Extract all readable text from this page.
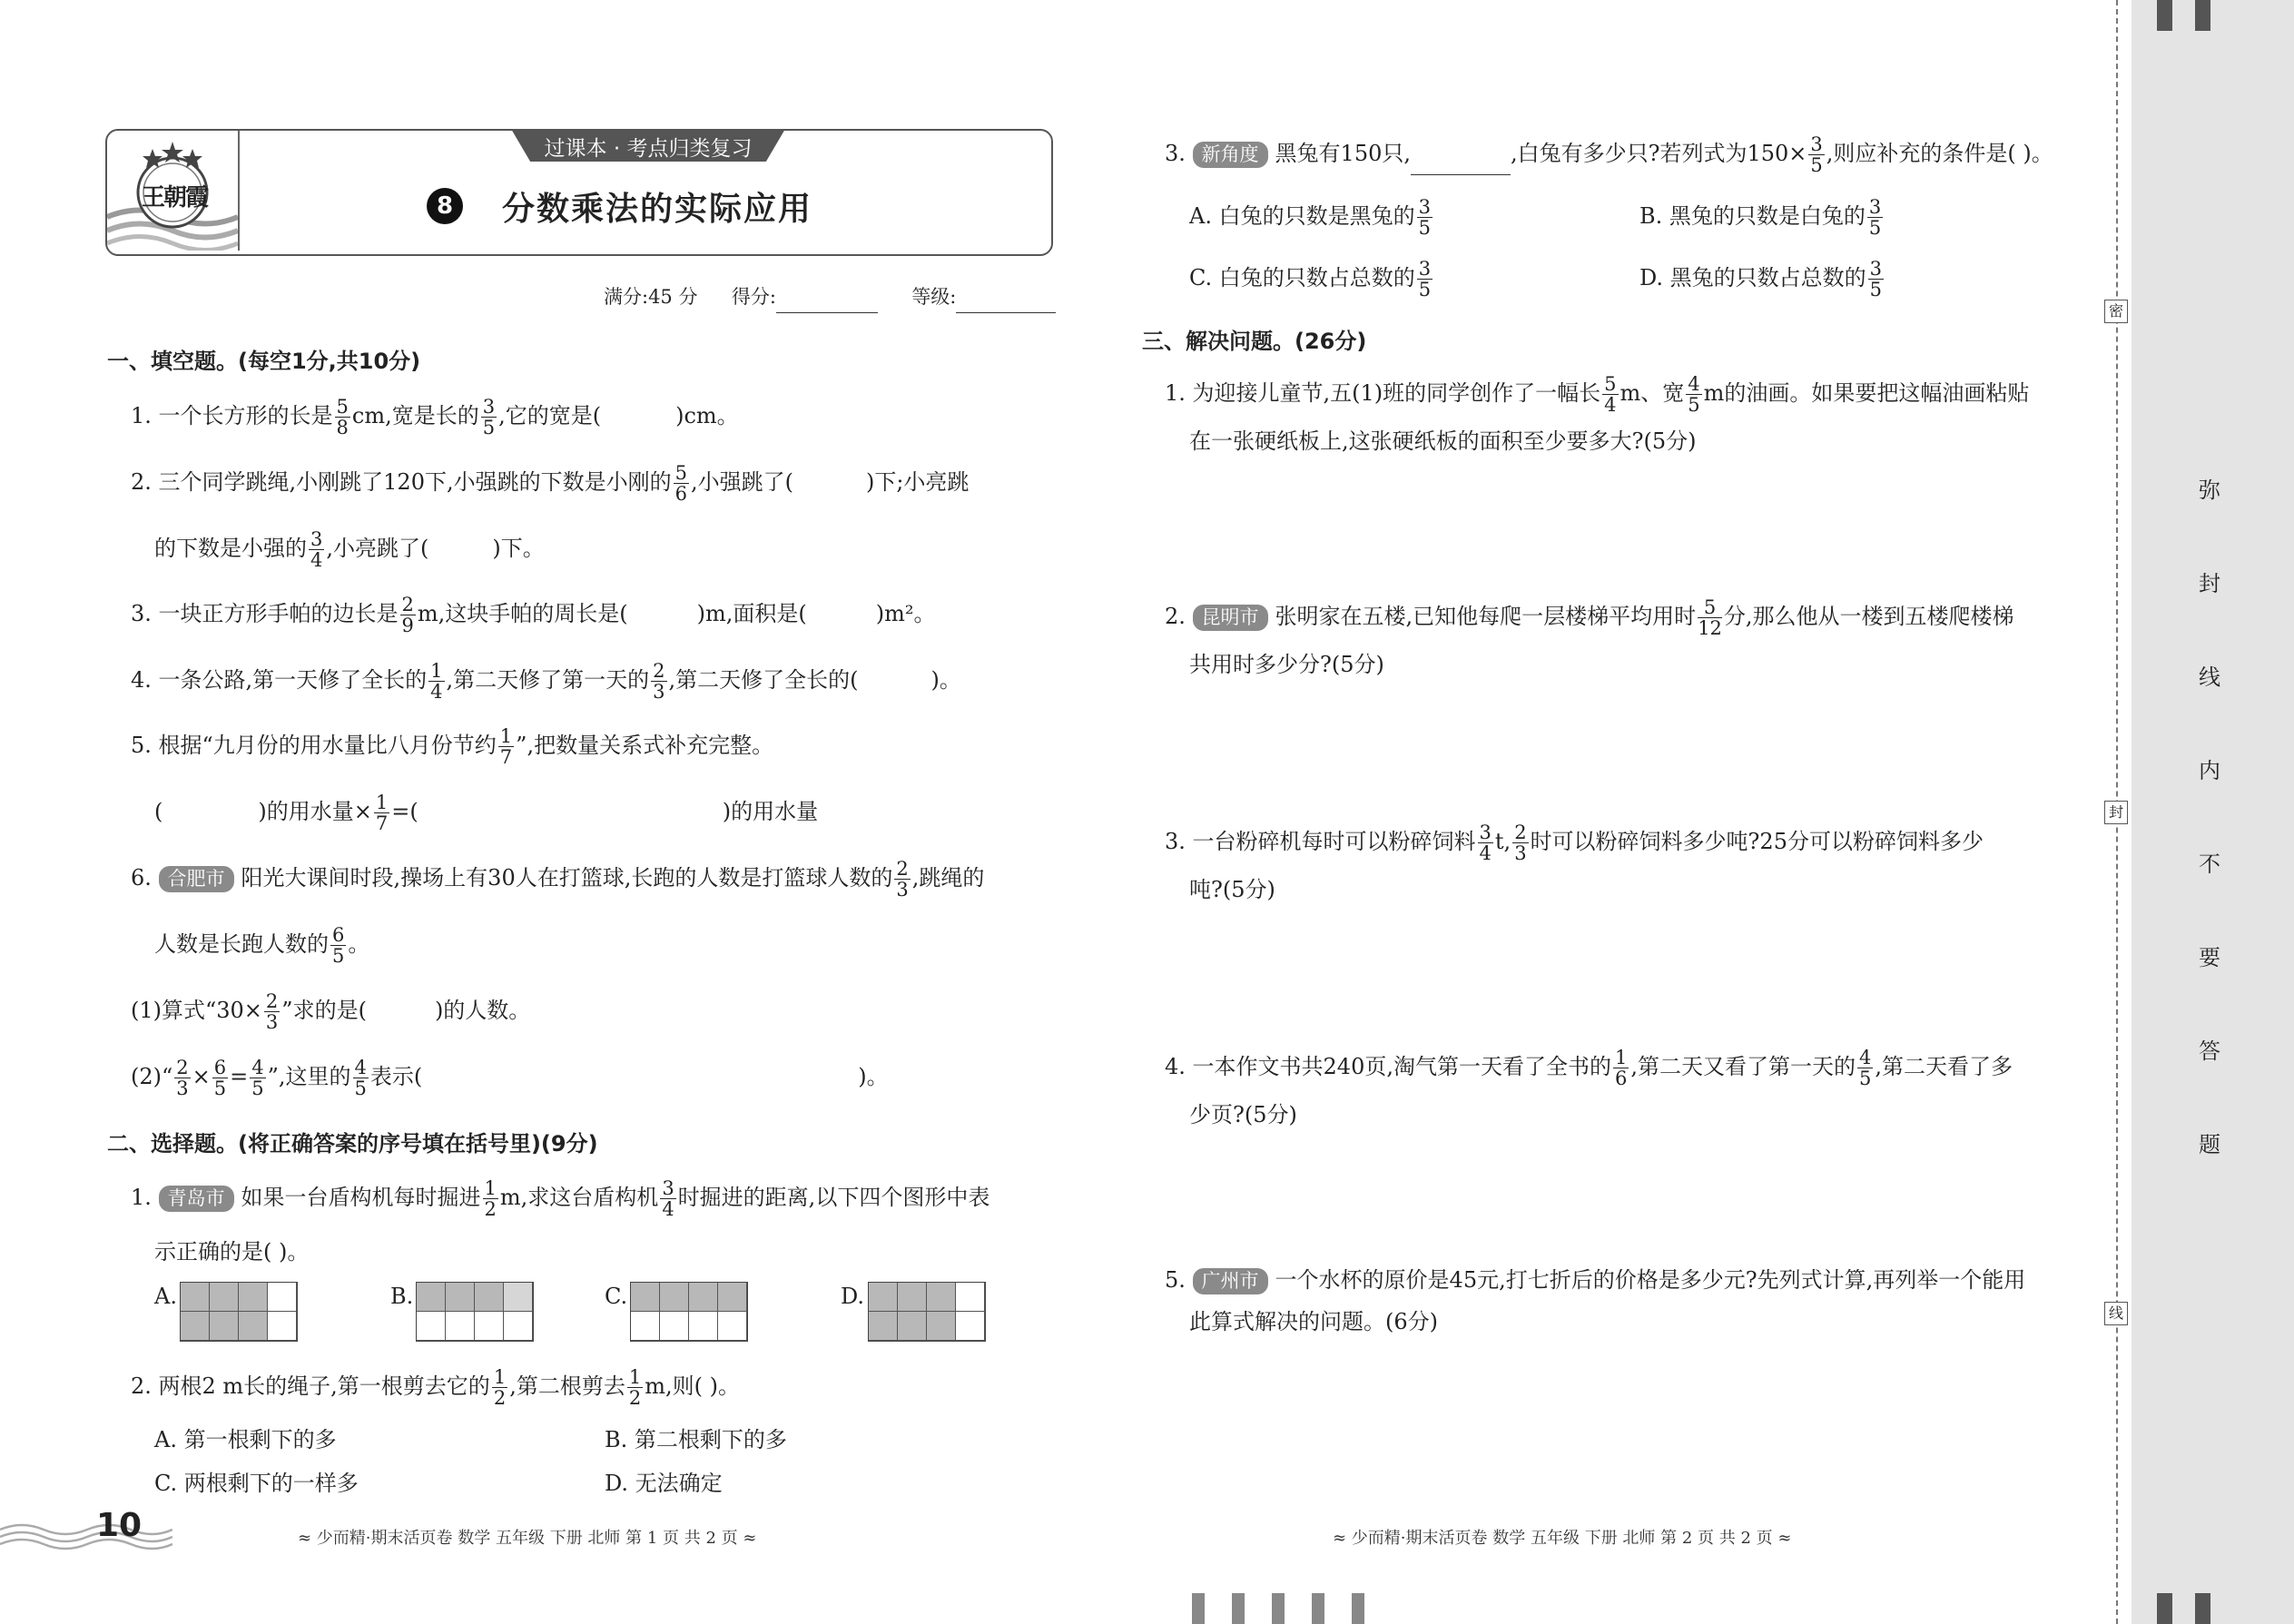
王朝霞
过课本 · 考点归类复习
8	分数乘法的实际应用
满分:45 分 得分:	等级:
一、填空题。(每空1分,共10分)
1. 一个长方形的长是 $\frac{5}{8}$ cm,宽是长的 $\frac{3}{5}$ ,它的宽是(	)cm。
2. 三个同学跳绳,小刚跳了120下,小强跳的下数是小刚的 $\frac{5}{6}$ ,小强跳了(	)下;小亮跳
的下数是小强的 $\frac{3}{4}$ ,小亮跳了(	)下。
3. 一块正方形手帕的边长是 $\frac{2}{9} m$,这块手帕的周长是(	)m,面积是(	)m²。
4. 一条公路,第一天修了全长的 $\frac{1}{4}$ ,第二天修了第一天的 $\frac{2}{3}$ ,第二天修了全长的(	)。
5. 根据“九月份的用水量比八月份节约 $\frac{1}{7}$ ”,把数量关系式补充完整。
(	)的用水量× $\frac{1}{7}$ =(	)的用水量
6. 合肥市 阳光大课间时段,操场上有30人在打篮球,长跑的人数是打篮球人数的 $\frac{2}{3}$ ,跳绳的
人数是长跑人数的 $\frac{6}{5}$ 。
(1)算式“$30\times \frac{2}{3}$ ”求的是(	)的人数。
(2)“ $\frac{2}{3} \times \frac{6}{5} = \frac{4}{5}$ ”,这里的 $\frac{4}{5}$ 表示(	)。
二、选择题。(将正确答案的序号填在括号里)(9分)
1. 青岛市 如果一台盾构机每时掘进 $\frac{1}{2} m$,求这台盾构机 $\frac{3}{4}$ 时掘进的距离,以下四个图形中表
示正确的是( )。
A.	B.	C.	D.
2. 两根2 m长的绳子,第一根剪去它的 $\frac{1}{2}$ ,第二根剪去 $\frac{1}{2} m$,则( )。
A. 第一根剩下的多	B. 第二根剩下的多
C. 两根剩下的一样多	D. 无法确定
10	≈ 少而精·期末活页卷 数学 五年级 下册 北师 第 1 页 共 2 页 ≈
3. 新角度 黑兔有150只,	,白兔有多少只?若列式为$150\times \frac{3}{5}$ ,则应补充的条件是( )。
A. 白兔的只数是黑兔的 $\frac{3}{5}$	B. 黑兔的只数是白兔的 $\frac{3}{5}$
C. 白兔的只数占总数的 $\frac{3}{5}$	D. 黑兔的只数占总数的 $\frac{3}{5}$
三、解决问题。(26分)
1. 为迎接儿童节,五(1)班的同学创作了一幅长 $\frac{5}{4}$ m、宽 $\frac{4}{5}$ m的油画。如果要把这幅油画粘贴
在一张硬纸板上,这张硬纸板的面积至少要多大?(5分)
2. 昆明市 张明家在五楼,已知他每爬一层楼梯平均用时 $\frac{5}{12}$ 分,那么他从一楼到五楼爬楼梯
共用时多少分?(5分)
3. 一台粉碎机每时可以粉碎饲料 $\frac{3}{4} t$, $\frac{2}{3}$ 时可以粉碎饲料多少吨?25分可以粉碎饲料多少
吨?(5分)
4. 一本作文书共240页,淘气第一天看了全书的 $\frac{1}{6}$ ,第二天又看了第一天的 $\frac{4}{5}$ ,第二天看了多
少页?(5分)
5. 广州市 一个水杯的原价是45元,打七折后的价格是多少元?先列式计算,再列举一个能用
此算式解决的问题。(6分)
≈ 少而精·期末活页卷 数学 五年级 下册 北师 第 2 页 共 2 页 ≈
密
封
线
弥
封
线
内
不
要
答
题
